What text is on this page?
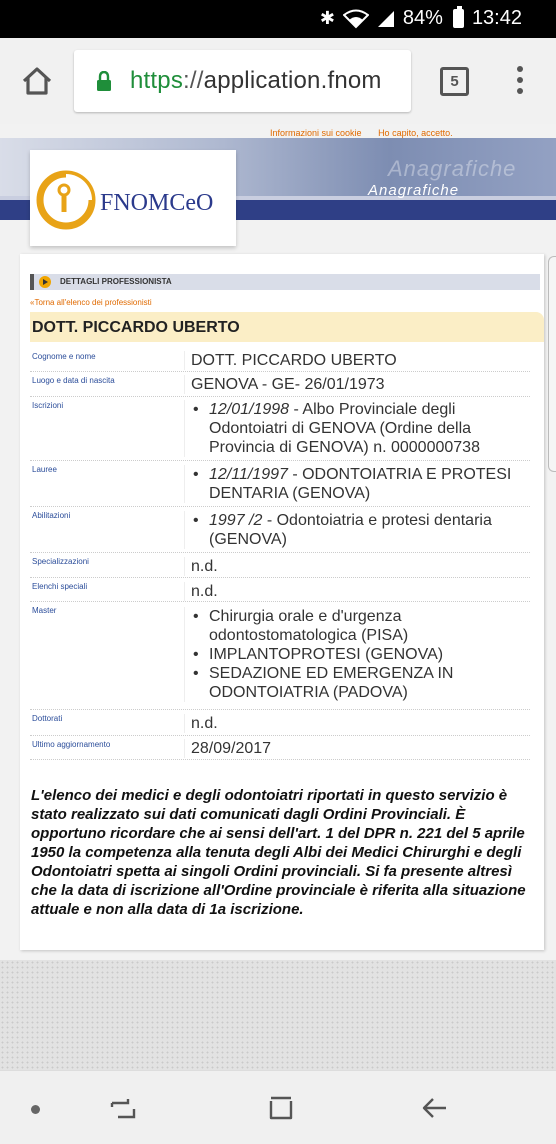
✱	84% 13:42
https://application.fnom	5
Informazioni sui cookie Ho capito, accetto.
Anagrafiche
Anagrafiche
FNOMCeO
DETTAGLI PROFESSIONISTA
«Torna all'elenco dei professionisti
DOTT. PICCARDO UBERTO
Cognome e nome	DOTT. PICCARDO UBERTO
Luogo e data di nascita	GENOVA - GE- 26/01/1973
Iscrizioni	• 12/01/1998 - Albo Provinciale degli Odontoiatri di GENOVA (Ordine della Provincia di GENOVA) n. 0000000738
Lauree	• 12/11/1997 - ODONTOIATRIA E PROTESI DENTARIA (GENOVA)
Abilitazioni	• 1997 /2 - Odontoiatria e protesi dentaria (GENOVA)
Specializzazioni	n.d.
Elenchi speciali	n.d.
Master	• Chirurgia orale e d'urgenza odontostomatologica (PISA)
• IMPLANTOPROTESI (GENOVA)
• SEDAZIONE ED EMERGENZA IN ODONTOIATRIA (PADOVA)
Dottorati	n.d.
Ultimo aggiornamento	28/09/2017
L'elenco dei medici e degli odontoiatri riportati in questo servizio è stato realizzato sui dati comunicati dagli Ordini Provinciali. È opportuno ricordare che ai sensi dell'art. 1 del DPR n. 221 del 5 aprile 1950 la competenza alla tenuta degli Albi dei Medici Chirurghi e degli Odontoiatri spetta ai singoli Ordini provinciali. Si fa presente altresì che la data di iscrizione all'Ordine provinciale è riferita alla situazione attuale e non alla data di 1a iscrizione.
